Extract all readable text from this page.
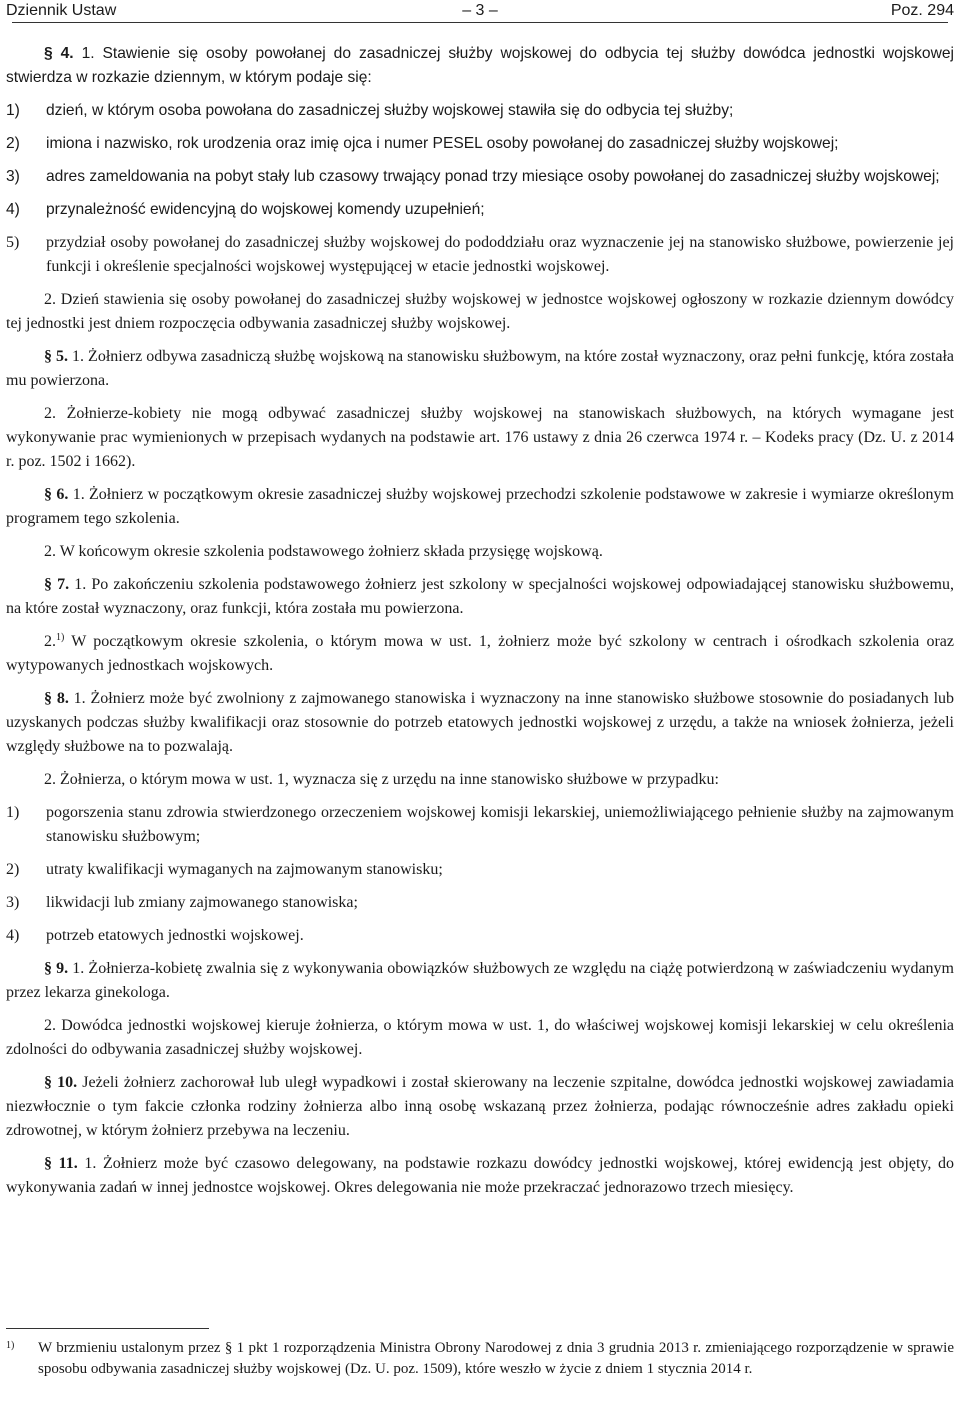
Dziennik Ustaw	– 3 –	Poz. 294

§ 4. 1. Stawienie się osoby powołanej do zasadniczej służby wojskowej do odbycia tej służby dowódca jednostki wojskowej stwierdza w rozkazie dziennym, w którym podaje się:

1)	dzień, w którym osoba powołana do zasadniczej służby wojskowej stawiła się do odbycia tej służby;
2)	imiona i nazwisko, rok urodzenia oraz imię ojca i numer PESEL osoby powołanej do zasadniczej służby wojskowej;
3)	adres zameldowania na pobyt stały lub czasowy trwający ponad trzy miesiące osoby powołanej do zasadniczej służby wojskowej;
4)	przynależność ewidencyjną do wojskowej komendy uzupełnień;
5)	przydział osoby powołanej do zasadniczej służby wojskowej do pododdziału oraz wyznaczenie jej na stanowisko służbowe, powierzenie jej funkcji i określenie specjalności wojskowej występującej w etacie jednostki wojskowej.

2. Dzień stawienia się osoby powołanej do zasadniczej służby wojskowej w jednostce wojskowej ogłoszony w rozkazie dziennym dowódcy tej jednostki jest dniem rozpoczęcia odbywania zasadniczej służby wojskowej.

§ 5. 1. Żołnierz odbywa zasadniczą służbę wojskową na stanowisku służbowym, na które został wyznaczony, oraz pełni funkcję, która została mu powierzona.

2. Żołnierze-kobiety nie mogą odbywać zasadniczej służby wojskowej na stanowiskach służbowych, na których wymagane jest wykonywanie prac wymienionych w przepisach wydanych na podstawie art. 176 ustawy z dnia 26 czerwca 1974 r. – Kodeks pracy (Dz. U. z 2014 r. poz. 1502 i 1662).

§ 6. 1. Żołnierz w początkowym okresie zasadniczej służby wojskowej przechodzi szkolenie podstawowe w zakresie i wymiarze określonym programem tego szkolenia.

2. W końcowym okresie szkolenia podstawowego żołnierz składa przysięgę wojskową.

§ 7. 1. Po zakończeniu szkolenia podstawowego żołnierz jest szkolony w specjalności wojskowej odpowiadającej stanowisku służbowemu, na które został wyznaczony, oraz funkcji, która została mu powierzona.

2.$^{1)}$ W początkowym okresie szkolenia, o którym mowa w ust. 1, żołnierz może być szkolony w centrach i ośrodkach szkolenia oraz wytypowanych jednostkach wojskowych.

§ 8. 1. Żołnierz może być zwolniony z zajmowanego stanowiska i wyznaczony na inne stanowisko służbowe stosownie do posiadanych lub uzyskanych podczas służby kwalifikacji oraz stosownie do potrzeb etatowych jednostki wojskowej z urzędu, a także na wniosek żołnierza, jeżeli względy służbowe na to pozwalają.

2. Żołnierza, o którym mowa w ust. 1, wyznacza się z urzędu na inne stanowisko służbowe w przypadku:

1)	pogorszenia stanu zdrowia stwierdzonego orzeczeniem wojskowej komisji lekarskiej, uniemożliwiającego pełnienie służby na zajmowanym stanowisku służbowym;
2)	utraty kwalifikacji wymaganych na zajmowanym stanowisku;
3)	likwidacji lub zmiany zajmowanego stanowiska;
4)	potrzeb etatowych jednostki wojskowej.

§ 9. 1. Żołnierza-kobietę zwalnia się z wykonywania obowiązków służbowych ze względu na ciążę potwierdzoną w zaświadczeniu wydanym przez lekarza ginekologa.

2. Dowódca jednostki wojskowej kieruje żołnierza, o którym mowa w ust. 1, do właściwej wojskowej komisji lekarskiej w celu określenia zdolności do odbywania zasadniczej służby wojskowej.

§ 10. Jeżeli żołnierz zachorował lub uległ wypadkowi i został skierowany na leczenie szpitalne, dowódca jednostki wojskowej zawiadamia niezwłocznie o tym fakcie członka rodziny żołnierza albo inną osobę wskazaną przez żołnierza, podając równocześnie adres zakładu opieki zdrowotnej, w którym żołnierz przebywa na leczeniu.

§ 11. 1. Żołnierz może być czasowo delegowany, na podstawie rozkazu dowódcy jednostki wojskowej, której ewidencją jest objęty, do wykonywania zadań w innej jednostce wojskowej. Okres delegowania nie może przekraczać jednorazowo trzech miesięcy.

1)	W brzmieniu ustalonym przez § 1 pkt 1 rozporządzenia Ministra Obrony Narodowej z dnia 3 grudnia 2013 r. zmieniającego rozporządzenie w sprawie sposobu odbywania zasadniczej służby wojskowej (Dz. U. poz. 1509), które weszło w życie z dniem 1 stycznia 2014 r.
